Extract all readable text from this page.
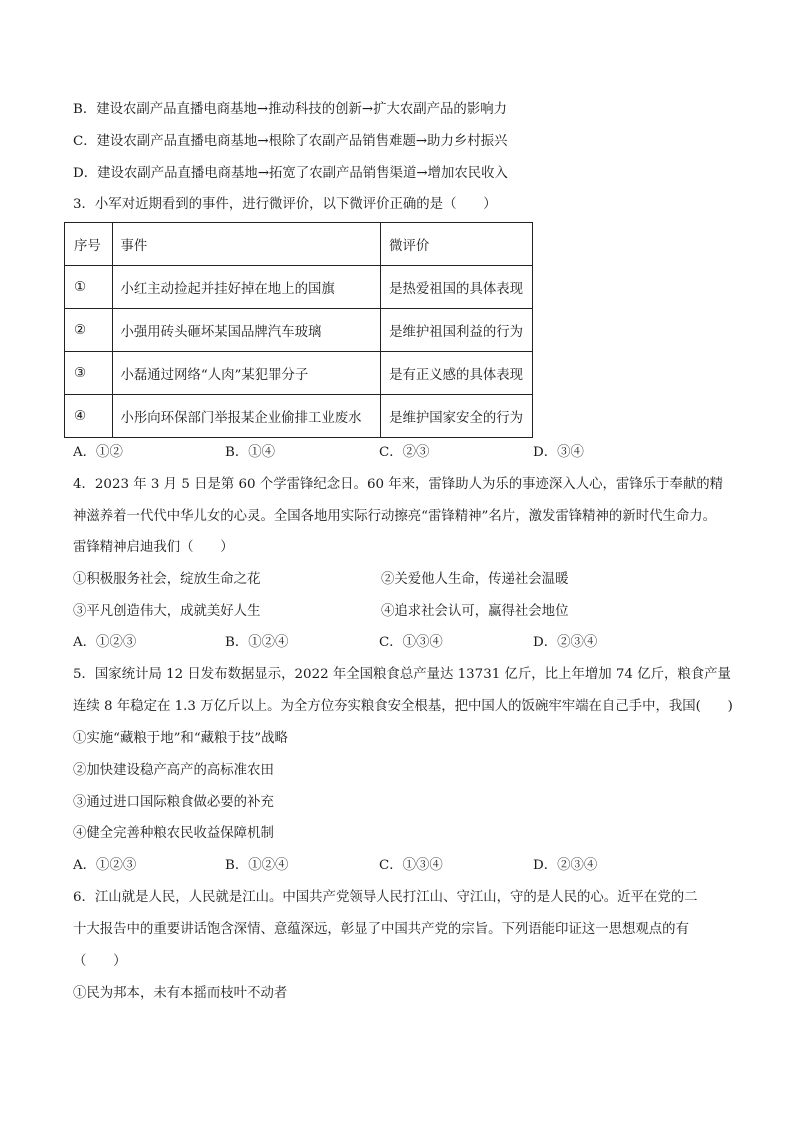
B．建设农副产品直播电商基地→推动科技的创新→扩大农副产品的影响力
C．建设农副产品直播电商基地→根除了农副产品销售难题→助力乡村振兴
D．建设农副产品直播电商基地→拓宽了农副产品销售渠道→增加农民收入
3．小军对近期看到的事件，进行微评价，以下微评价正确的是（　　）
序号	事件	微评价
①	小红主动捡起并挂好掉在地上的国旗	是热爱祖国的具体表现
②	小强用砖头砸坏某国品牌汽车玻璃	是维护祖国利益的行为
③	小磊通过网络“人肉”某犯罪分子	是有正义感的具体表现
④	小彤向环保部门举报某企业偷排工业废水	是维护国家安全的行为
A．①②	B．①④	C．②③	D．③④
4．2023 年 3 月 5 日是第 60 个学雷锋纪念日。60 年来，雷锋助人为乐的事迹深入人心，雷锋乐于奉献的精
神滋养着一代代中华儿女的心灵。全国各地用实际行动擦亮“雷锋精神”名片，激发雷锋精神的新时代生命力。
雷锋精神启迪我们（　　）
①积极服务社会，绽放生命之花	②关爱他人生命，传递社会温暖
③平凡创造伟大，成就美好人生	④追求社会认可，赢得社会地位
A．①②③	B．①②④	C．①③④	D．②③④
5．国家统计局 12 日发布数据显示，2022 年全国粮食总产量达 13731 亿斤，比上年增加 74 亿斤，粮食产量
连续 8 年稳定在 1.3 万亿斤以上。为全方位夯实粮食安全根基，把中国人的饭碗牢牢端在自己手中，我国(　　)
①实施“藏粮于地”和“藏粮于技”战略
②加快建设稳产高产的高标准农田
③通过进口国际粮食做必要的补充
④健全完善种粮农民收益保障机制
A．①②③	B．①②④	C．①③④	D．②③④
6．江山就是人民，人民就是江山。中国共产党领导人民打江山、守江山，守的是人民的心。近平在党的二
十大报告中的重要讲话饱含深情、意蕴深远，彰显了中国共产党的宗旨。下列语能印证这一思想观点的有
（　　）
①民为邦本，未有本摇而枝叶不动者
